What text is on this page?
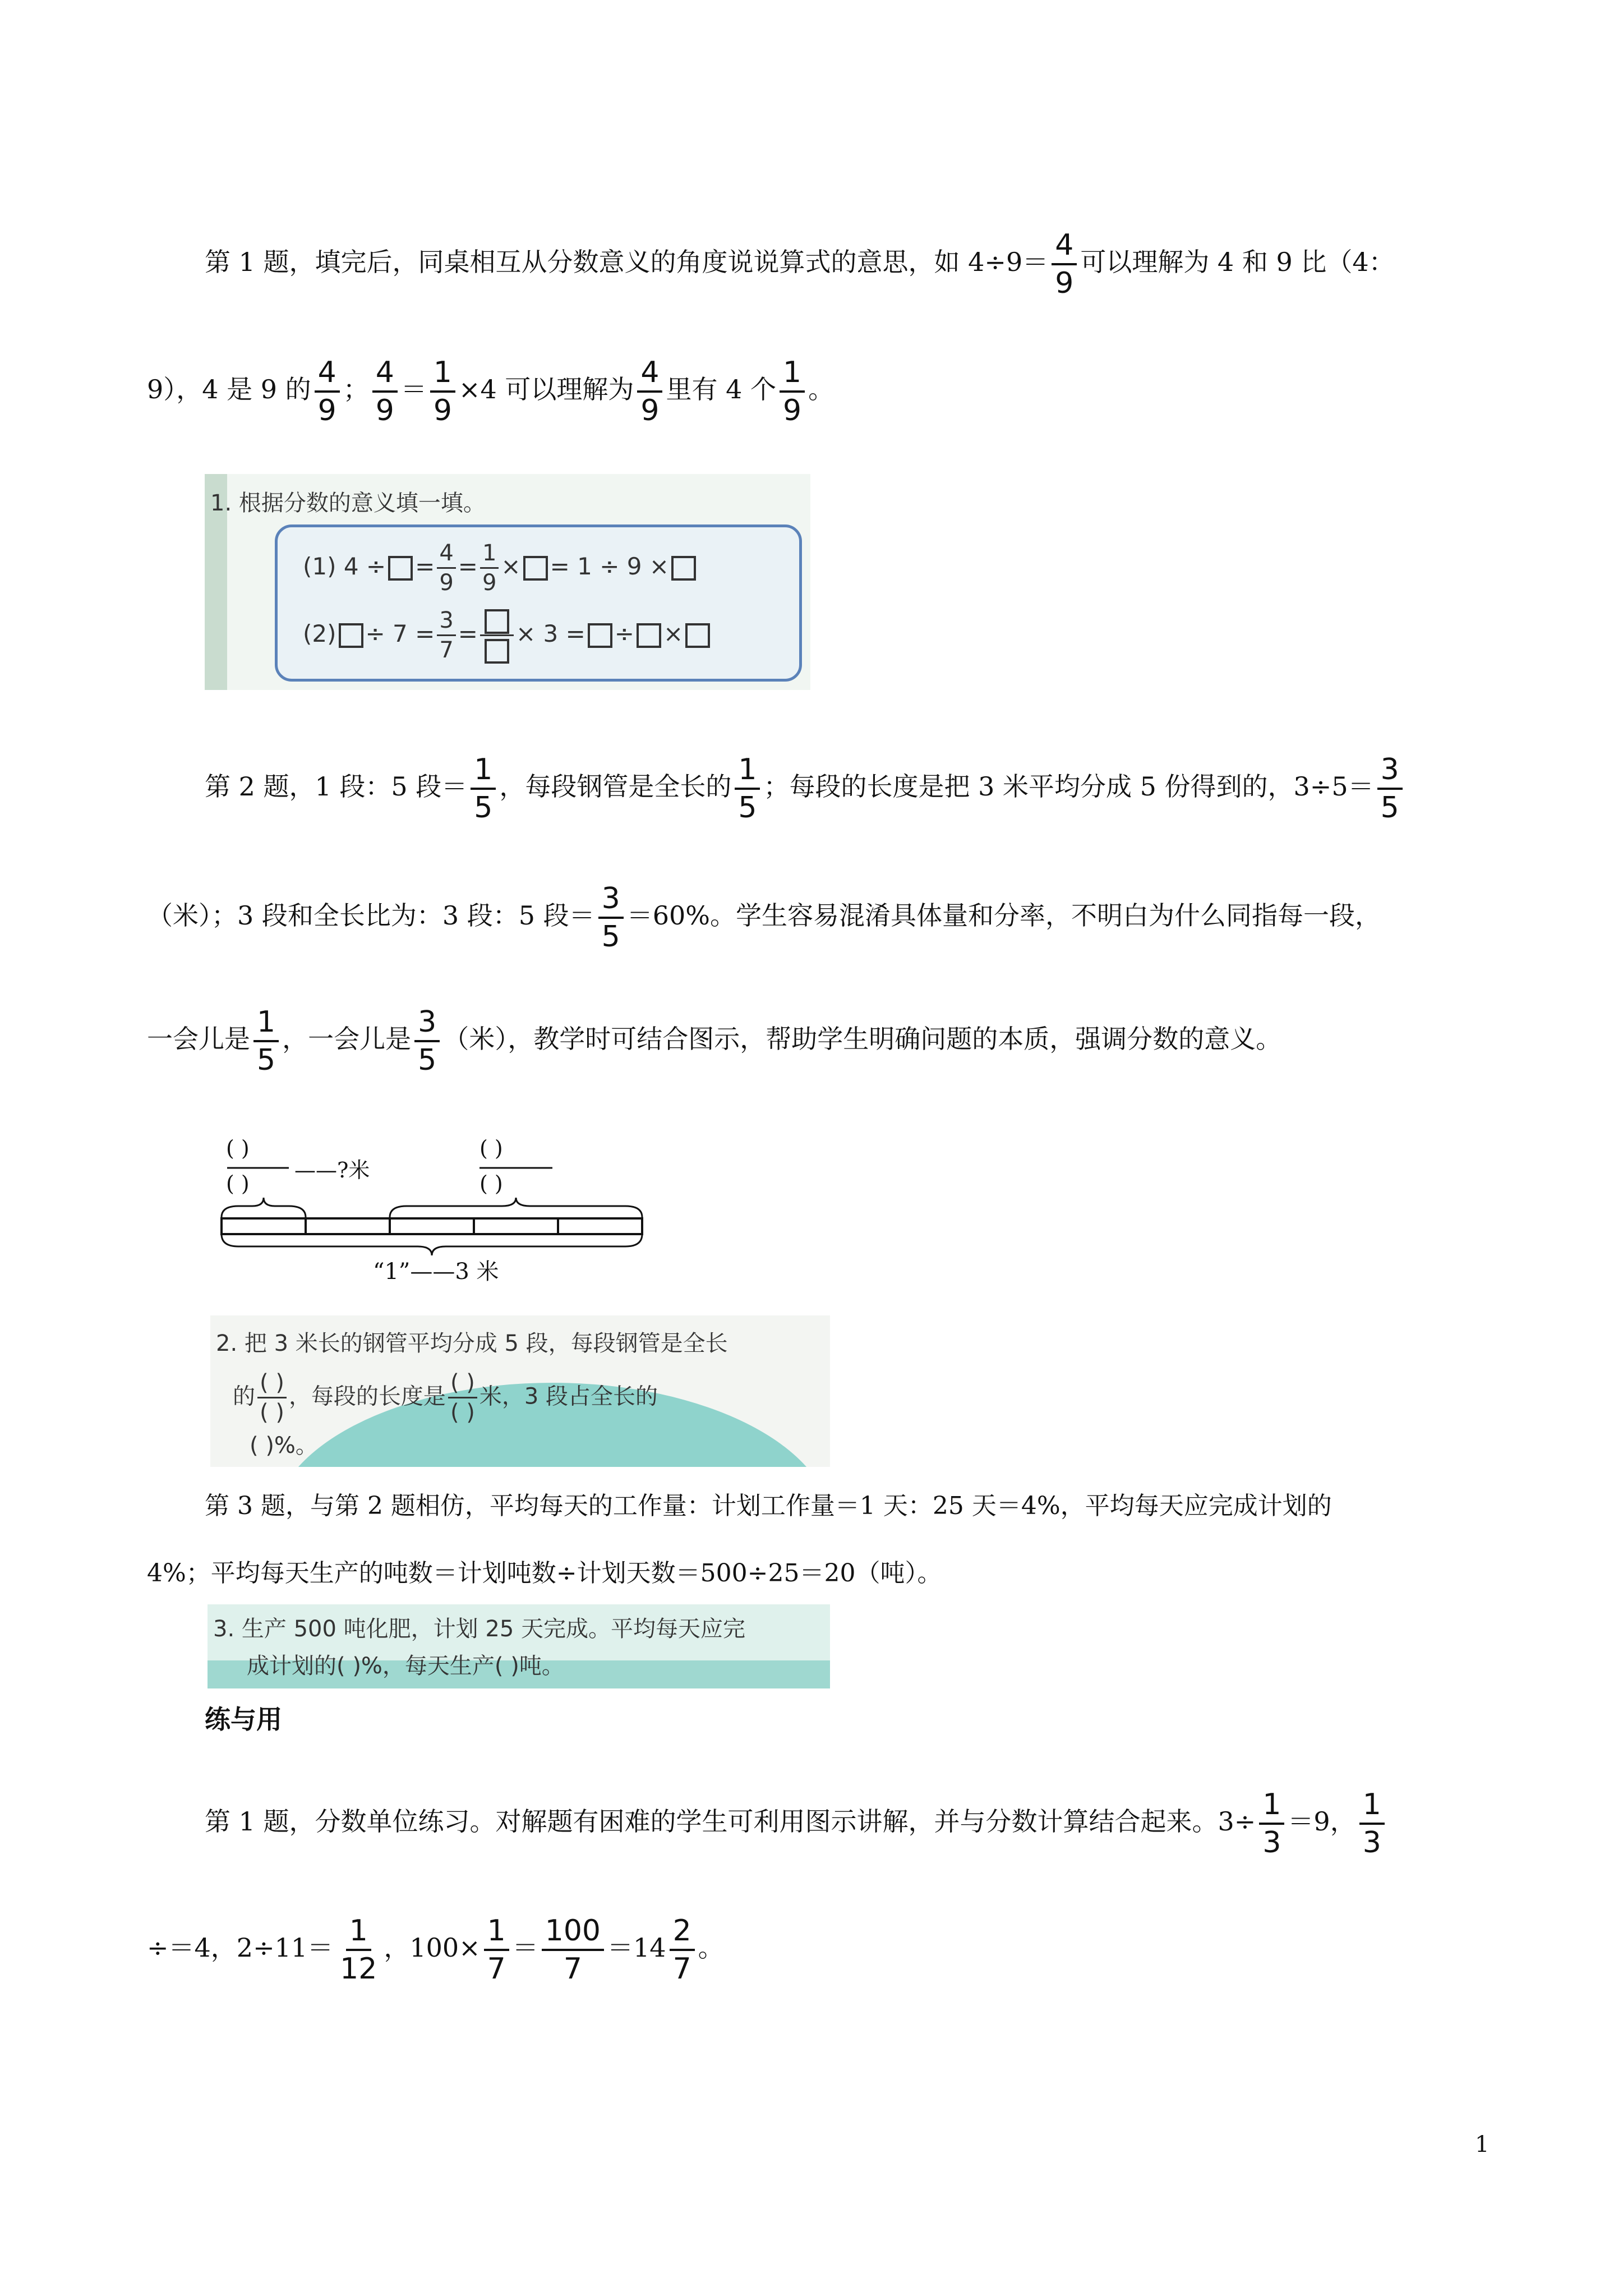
第 1 题，填完后，同桌相互从分数意义的角度说说算式的意思，如 $4\div 9= \frac{4}{9}$ 可以理解为 4 和 9 比（4：
9），4 是 9 的 $\frac{4}{9}$ ； $\frac{4}{9} = \frac{1}{9} \times 4$ 可以理解为 $\frac{4}{9}$ 里有 4 个 $\frac{1}{9}$ 。
1. 根据分数的意义填一填。
(1) 4 ÷ = $\frac{4}{9} = \frac{1}{9}$ × = 1 ÷ 9 ×
$(2) \div 7 = \frac{3}{7}$ = × 3 = ÷ ×
第 2 题，1 段：5 段＝ $\frac{1}{5}$ ，每段钢管是全长的 $\frac{1}{5}$ ；每段的长度是把 3 米平均分成 5 份得到的，$3\div 5= \frac{3}{5}$
（米）；3 段和全长比为：3 段：5 段＝ $\frac{3}{5} =60\%$。学生容易混淆具体量和分率，不明白为什么同指每一段，
一会儿是 $\frac{1}{5}$ ，一会儿是 $\frac{3}{5}$ （米），教学时可结合图示，帮助学生明确问题的本质，强调分数的意义。
( )
( )
——?米
( )
( )
“1”——3 米
2. 把 3 米长的钢管平均分成 5 段，每段钢管是全长
的
( )
( )
，每段的长度是
( )
( )
米，3 段占全长的
( )%。
第 3 题，与第 2 题相仿，平均每天的工作量：计划工作量＝1 天：25 天＝4%，平均每天应完成计划的
4%；平均每天生产的吨数＝计划吨数÷计划天数＝500÷25＝20（吨）。
3. 生产 500 吨化肥，计划 25 天完成。平均每天应完
成计划的( )%，每天生产( )吨。
练与用
第 1 题，分数单位练习。对解题有困难的学生可利用图示讲解，并与分数计算结合起来。$3\div \frac{1}{3} =9$， $\frac{1}{3}$
÷＝4，$2\div 11= \frac{1}{12}$ ，$100\times \frac{1}{7} = \frac{100}{7} =14 \frac{2}{7}$ 。
1
